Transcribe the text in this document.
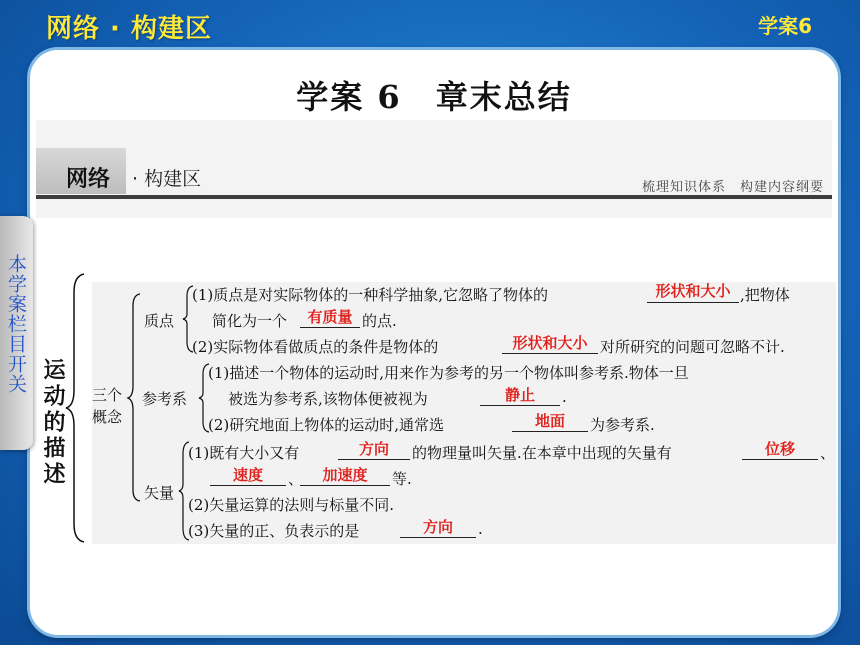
网络 · 构建区	学案6
学案 6　章末总结
网络 · 构建区	梳理知识体系　构建内容纲要
本学案栏目开关
运动的描述 三个概念
质点
(1)质点是对实际物体的一种科学抽象,它忽略了物体的	形状和大小 ,把物体
简化为一个	有质量 的点.
(2)实际物体看做质点的条件是物体的	形状和大小 对所研究的问题可忽略不计.
参考系
(1)描述一个物体的运动时,用来作为参考的另一个物体叫参考系.物体一旦
被选为参考系,该物体便被视为	静止	.
(2)研究地面上物体的运动时,通常选	地面	为参考系.
矢量
(1)既有大小又有	方向	的物理量叫矢量.在本章中出现的矢量有	位移	、
速度	、	加速度	等.
(2)矢量运算的法则与标量不同.
(3)矢量的正、负表示的是	方向	.
